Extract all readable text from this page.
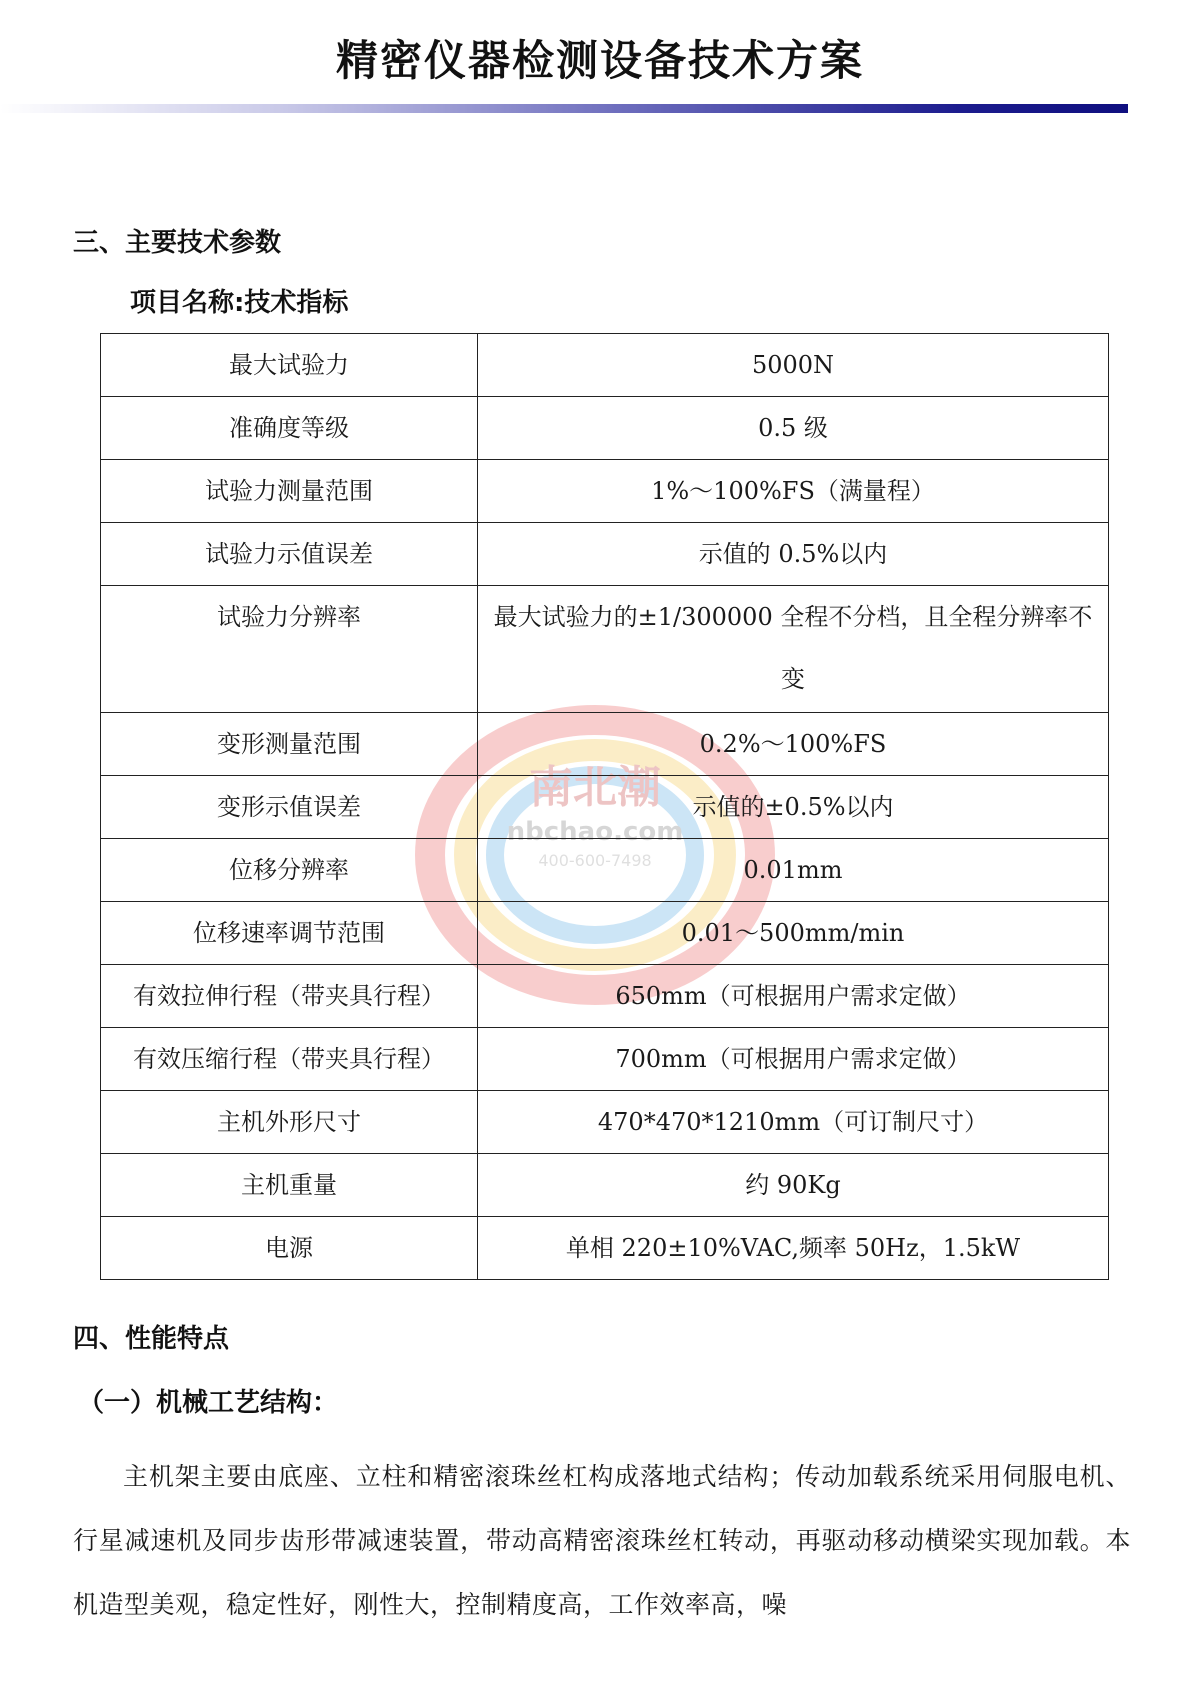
精密仪器检测设备技术方案
三、主要技术参数
项目名称:技术指标
南北潮
nbchao.com
400-600-7498
最大试验力	5000N
准确度等级	0.5 级
试验力测量范围	1%～100%FS（满量程）
试验力示值误差	示值的 0.5%以内
试验力分辨率	最大试验力的±1/300000 全程不分档，且全程分辨率不变
变形测量范围	0.2%～100%FS
变形示值误差	示值的±0.5%以内
位移分辨率	0.01mm
位移速率调节范围	0.01～500mm/min
有效拉伸行程（带夹具行程）	650mm（可根据用户需求定做）
有效压缩行程（带夹具行程）	700mm（可根据用户需求定做）
主机外形尺寸	470*470*1210mm（可订制尺寸）
主机重量	约 90Kg
电源	单相 220±10%VAC,频率 50Hz，1.5kW
四、性能特点
（一）机械工艺结构：
主机架主要由底座、立柱和精密滚珠丝杠构成落地式结构；传动加载系统采用伺服电机、行星减速机及同步齿形带减速装置，带动高精密滚珠丝杠转动，再驱动移动横梁实现加载。本机造型美观，稳定性好，刚性大，控制精度高，工作效率高，噪
